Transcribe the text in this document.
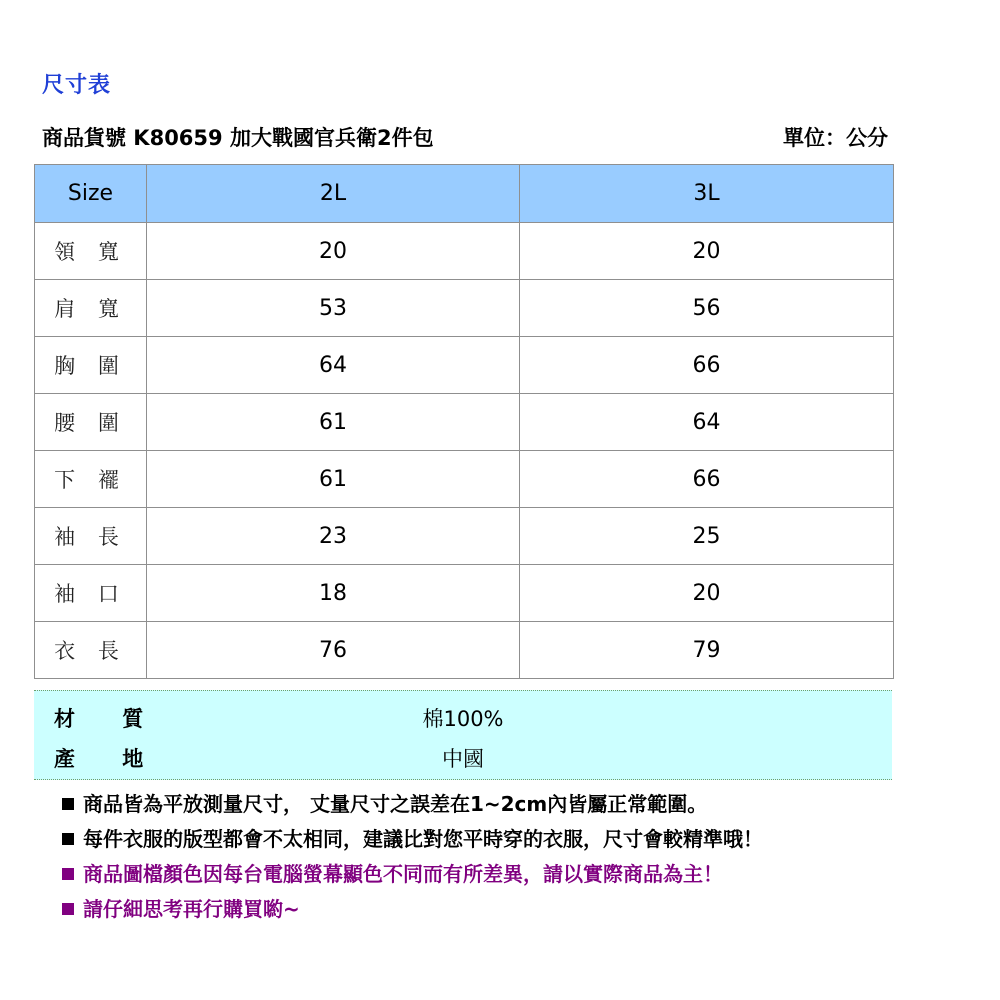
尺寸表
商品貨號 K80659 加大戰國官兵衛2件包	單位：公分
Size	2L	3L
領 寬	20	20
肩 寬	53	56
胸 圍	64	66
腰 圍	61	64
下 襬	61	66
袖 長	23	25
袖 口	18	20
衣 長	76	79
材 質	棉100%
產 地	中國
商品皆為平放測量尺寸， 丈量尺寸之誤差在1~2cm內皆屬正常範圍。
每件衣服的版型都會不太相同，建議比對您平時穿的衣服，尺寸會較精準哦！
商品圖檔顏色因每台電腦螢幕顯色不同而有所差異，請以實際商品為主！
請仔細思考再行購買喲~
